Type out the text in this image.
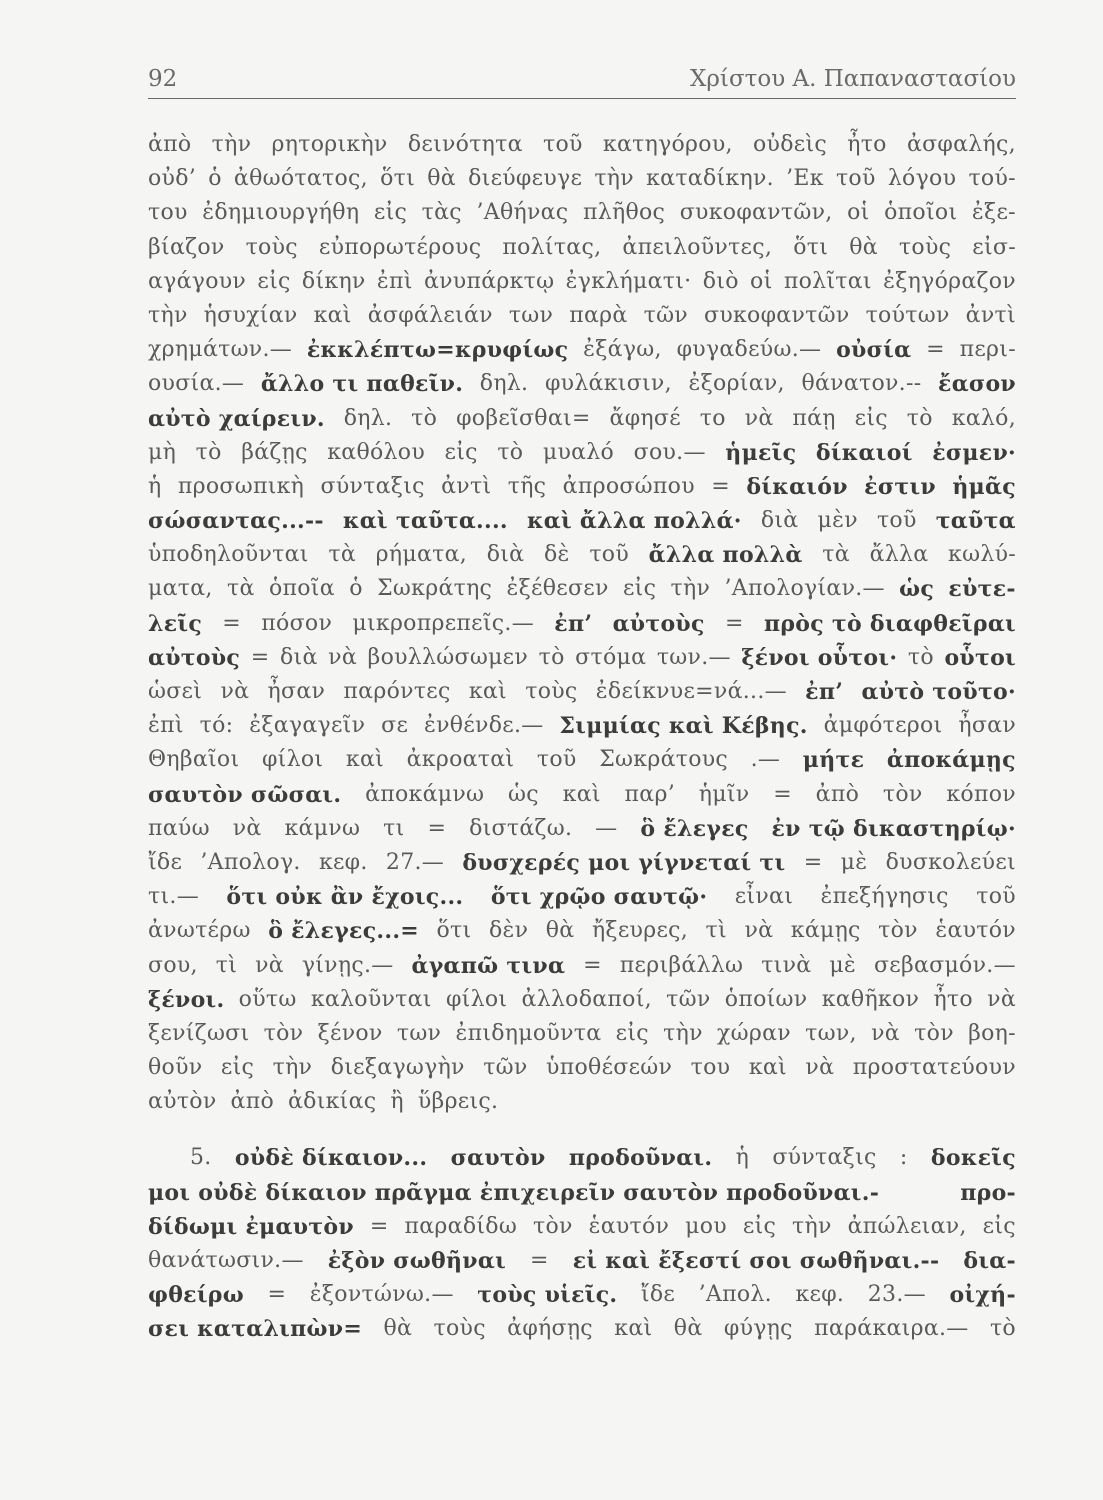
92	Χρίστου Α. Παπαναστασίου
ἀπὸ τὴν ρητορικὴν δεινότητα τοῦ κατηγόρου, οὐδεὶς ἦτο ἀσφαλής,
οὐδ’ ὁ ἀθωότατος, ὅτι θὰ διεύφευγε τὴν καταδίκην. ’Εκ τοῦ λόγου τού-
του ἐδημιουργήθη εἰς τὰς ’Αθήνας πλῆθος συκοφαντῶν, οἱ ὁποῖοι ἐξε-
βίαζον τοὺς εὐπορωτέρους πολίτας, ἀπειλοῦντες, ὅτι θὰ τοὺς εἰσ-
αγάγουν εἰς δίκην ἐπὶ ἀνυπάρκτῳ ἐγκλήματι· διὸ οἱ πολῖται ἐξηγόραζον
τὴν ἡσυχίαν καὶ ἀσφάλειάν των παρὰ τῶν συκοφαντῶν τούτων ἀντὶ
χρημάτων.— ἐκκλέπτω=κρυφίως ἐξάγω, φυγαδεύω.— οὐσία = περι-
ουσία.— ἄλλο τι παθεῖν. δηλ. φυλάκισιν, ἐξορίαν, θάνατον.-- ἔασον
αὐτὸ χαίρειν. δηλ. τὸ φοβεῖσθαι= ἄφησέ το νὰ πάῃ εἰς τὸ καλό,
μὴ τὸ βάζῃς καθόλου εἰς τὸ μυαλό σου.— ἡμεῖς δίκαιοί ἐσμεν·
ἡ προσωπικὴ σύνταξις ἀντὶ τῆς ἀπροσώπου = δίκαιόν ἐστιν ἡμᾶς
σώσαντας...-- καὶ ταῦτα.... καὶ ἄλλα πολλά· διὰ μὲν τοῦ ταῦτα
ὑποδηλοῦνται τὰ ρήματα, διὰ δὲ τοῦ ἄλλα πολλὰ τὰ ἄλλα κωλύ-
ματα, τὰ ὁποῖα ὁ Σωκράτης ἐξέθεσεν εἰς τὴν ’Απολογίαν.— ὡς εὐτε-
λεῖς = πόσον μικροπρεπεῖς.— ἐπ’ αὐτοὺς = πρὸς τὸ διαφθεῖραι
αὐτοὺς = διὰ νὰ βουλλώσωμεν τὸ στόμα των.— ξένοι οὗτοι· τὸ οὗτοι
ὡσεὶ νὰ ἦσαν παρόντες καὶ τοὺς ἐδείκνυε=νά...— ἐπ’ αὐτὸ τοῦτο·
ἐπὶ τό: ἐξαγαγεῖν σε ἐνθένδε.— Σιμμίας καὶ Κέβης. ἀμφότεροι ἦσαν
Θηβαῖοι φίλοι καὶ ἀκροαταὶ τοῦ Σωκράτους .— μήτε ἀποκάμῃς
σαυτὸν σῶσαι. ἀποκάμνω ὡς καὶ παρ’ ἡμῖν = ἀπὸ τὸν κόπον
παύω νὰ κάμνω τι = διστάζω. — ὃ ἔλεγες ἐν τῷ δικαστηρίῳ·
ἴδε ’Απολογ. κεφ. 27.— δυσχερές μοι γίγνεταί τι = μὲ δυσκολεύει
τι.— ὅτι οὐκ ἂν ἔχοις... ὅτι χρῷο σαυτῷ· εἶναι ἐπεξήγησις τοῦ
ἀνωτέρω ὃ ἔλεγες...= ὅτι δὲν θὰ ἤξευρες, τὶ νὰ κάμῃς τὸν ἑαυτόν
σου, τὶ νὰ γίνῃς.— ἀγαπῶ τινα = περιβάλλω τινὰ μὲ σεβασμόν.—
ξένοι. οὕτω καλοῦνται φίλοι ἀλλοδαποί, τῶν ὁποίων καθῆκον ἦτο νὰ
ξενίζωσι τὸν ξένον των ἐπιδημοῦντα εἰς τὴν χώραν των, νὰ τὸν βοη-
θοῦν εἰς τὴν διεξαγωγὴν τῶν ὑποθέσεών του καὶ νὰ προστατεύουν
αὐτὸν ἀπὸ ἀδικίας ἢ ὕβρεις.
5. οὐδὲ δίκαιον... σαυτὸν προδοῦναι. ἡ σύνταξις : δοκεῖς
μοι οὐδὲ δίκαιον πρᾶγμα ἐπιχειρεῖν σαυτὸν προδοῦναι.-	προ-
δίδωμι ἐμαυτὸν = παραδίδω τὸν ἑαυτόν μου εἰς τὴν ἀπώλειαν, εἰς
θανάτωσιν.— ἐξὸν σωθῆναι = εἰ καὶ ἔξεστί σοι σωθῆναι.-- δια-
φθείρω = ἐξοντώνω.— τοὺς υἱεῖς. ἴδε ’Απολ. κεφ. 23.— οἰχή-
σει καταλιπὼν= θὰ τοὺς ἀφήσῃς καὶ θὰ φύγῃς παράκαιρα.— τὸ
